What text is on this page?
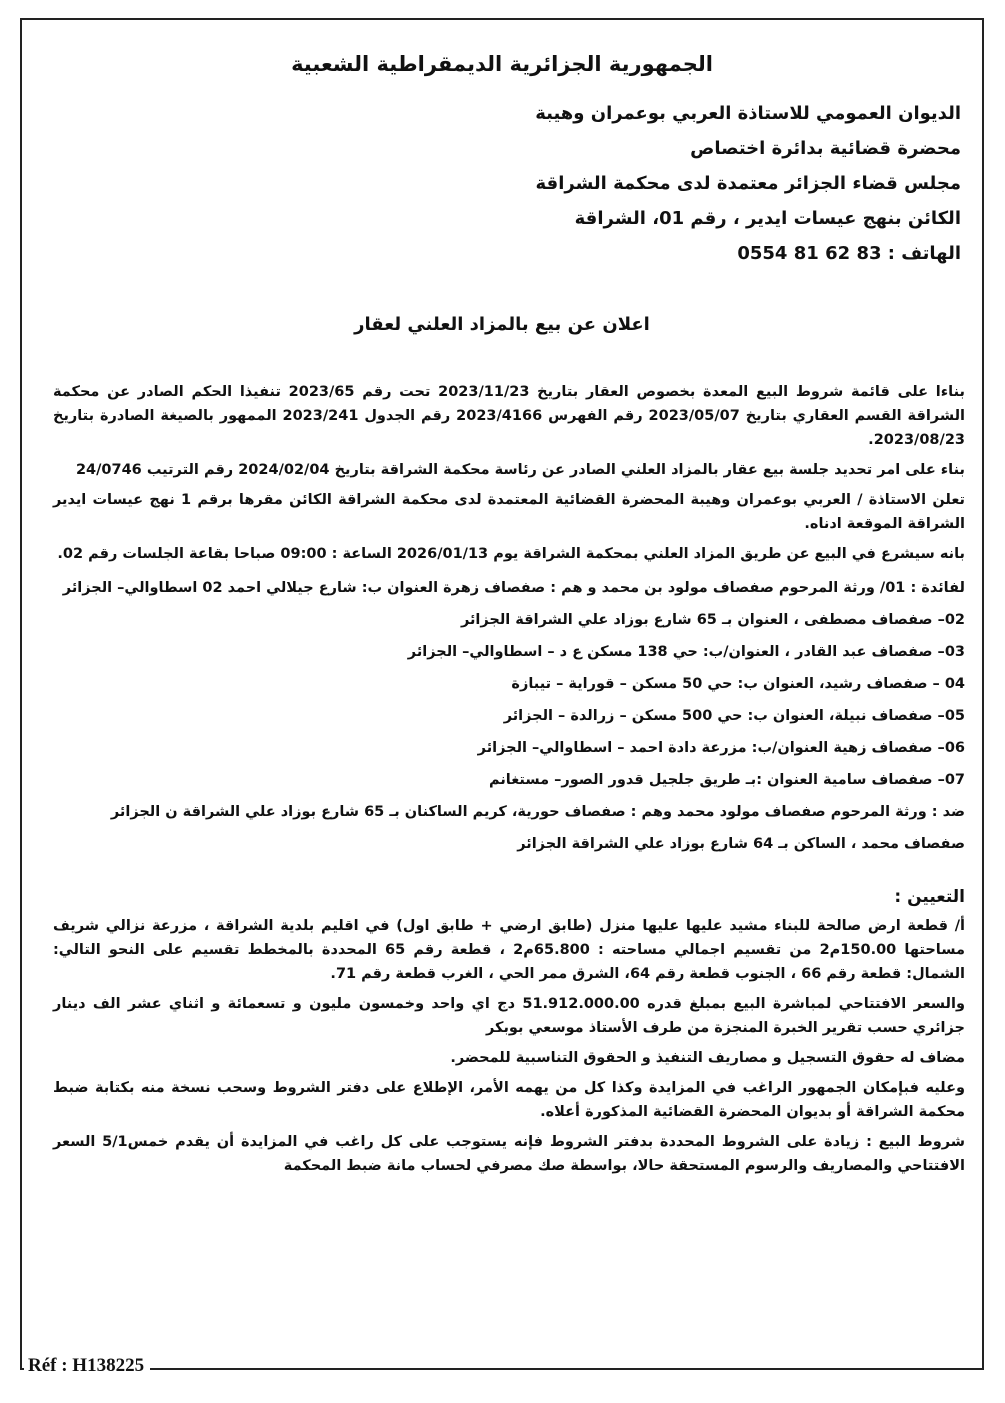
الجمهورية الجزائرية الديمقراطية الشعبية
الديوان العمومي للاستاذة العربي بوعمران وهيبة
محضرة قضائية بدائرة اختصاص
مجلس قضاء الجزائر معتمدة لدى محكمة الشراقة
الكائن بنهج عيسات ايدير ، رقم 01، الشراقة
الهاتف : 83 62 81 0554
اعلان عن بيع بالمزاد العلني لعقار
بناءا على قائمة شروط البيع المعدة بخصوص العقار بتاريخ 2023/11/23 تحت رقم 2023/65 تنفيذا الحكم الصادر عن محكمة الشراقة القسم العقاري بتاريخ 2023/05/07 رقم الفهرس 2023/4166 رقم الجدول 2023/241 الممهور بالصيغة الصادرة بتاريخ 2023/08/23.
بناء على امر تحديد جلسة بيع عقار بالمزاد العلني الصادر عن رئاسة محكمة الشراقة بتاريخ 2024/02/04 رقم الترتيب 24/0746
تعلن الاستاذة / العربي بوعمران وهيبة المحضرة القضائية المعتمدة لدى محكمة الشراقة الكائن مقرها برقم 1 نهج عيسات ايدير الشراقة الموقعة ادناه.
بانه سيشرع في البيع عن طريق المزاد العلني بمحكمة الشراقة يوم 2026/01/13 الساعة : 09:00 صباحا بقاعة الجلسات رقم 02.
لفائدة : 01/ ورثة المرحوم صفصاف مولود بن محمد و هم : صفصاف زهرة العنوان ب: شارع جيلالي احمد 02 اسطاوالي– الجزائر
02– صفصاف مصطفى ، العنوان بـ 65 شارع بوزاد علي الشراقة الجزائر
03– صفصاف عبد القادر ، العنوان/ب: حي 138 مسكن ع د – اسطاوالي– الجزائر
04 – صفصاف رشيد، العنوان ب: حي 50 مسكن – قوراية – تيبازة
05– صفصاف نبيلة، العنوان ب: حي 500 مسكن – زرالدة – الجزائر
06– صفصاف زهية العنوان/ب: مزرعة دادة احمد – اسطاوالي– الجزائر
07– صفصاف سامية العنوان :بـ طريق جلجيل قدور الصور– مستغانم
ضد : ورثة المرحوم صفصاف مولود محمد وهم : صفصاف حورية، كريم الساكنان بـ 65 شارع بوزاد علي الشراقة ن الجزائر
صفصاف محمد ، الساكن بـ 64 شارع بوزاد علي الشراقة الجزائر
التعيين :
أ/ قطعة ارض صالحة للبناء مشيد عليها عليها منزل (طابق ارضي + طابق اول) في اقليم بلدية الشراقة ، مزرعة نزالي شريف مساحتها 150.00م2 من تقسيم اجمالي مساحته : 65.800م2 ، قطعة رقم 65 المحددة بالمخطط تقسيم على النحو التالي: الشمال: قطعة رقم 66 ، الجنوب قطعة رقم 64، الشرق ممر الحي ، الغرب قطعة رقم 71.
والسعر الافتتاحي لمباشرة البيع بمبلغ قدره 51.912.000.00 دج اي واحد وخمسون مليون و تسعمائة و اثناي عشر الف دينار جزائري حسب تقرير الخبرة المنجزة من طرف الأستاذ موسعي بوبكر
مضاف له حقوق التسجيل و مصاريف التنفيذ و الحقوق التناسبية للمحضر.
وعليه فبإمكان الجمهور الراغب في المزايدة وكذا كل من يهمه الأمر، الإطلاع على دفتر الشروط وسحب نسخة منه بكتابة ضبط محكمة الشراقة أو بديوان المحضرة القضائية المذكورة أعلاه.
شروط البيع : زيادة على الشروط المحددة بدفتر الشروط فإنه يستوجب على كل راغب في المزايدة أن يقدم خمس5/1 السعر الافتتاحي والمصاريف والرسوم المستحقة حالا، بواسطة صك مصرفي لحساب مانة ضبط المحكمة
Réf : H138225
